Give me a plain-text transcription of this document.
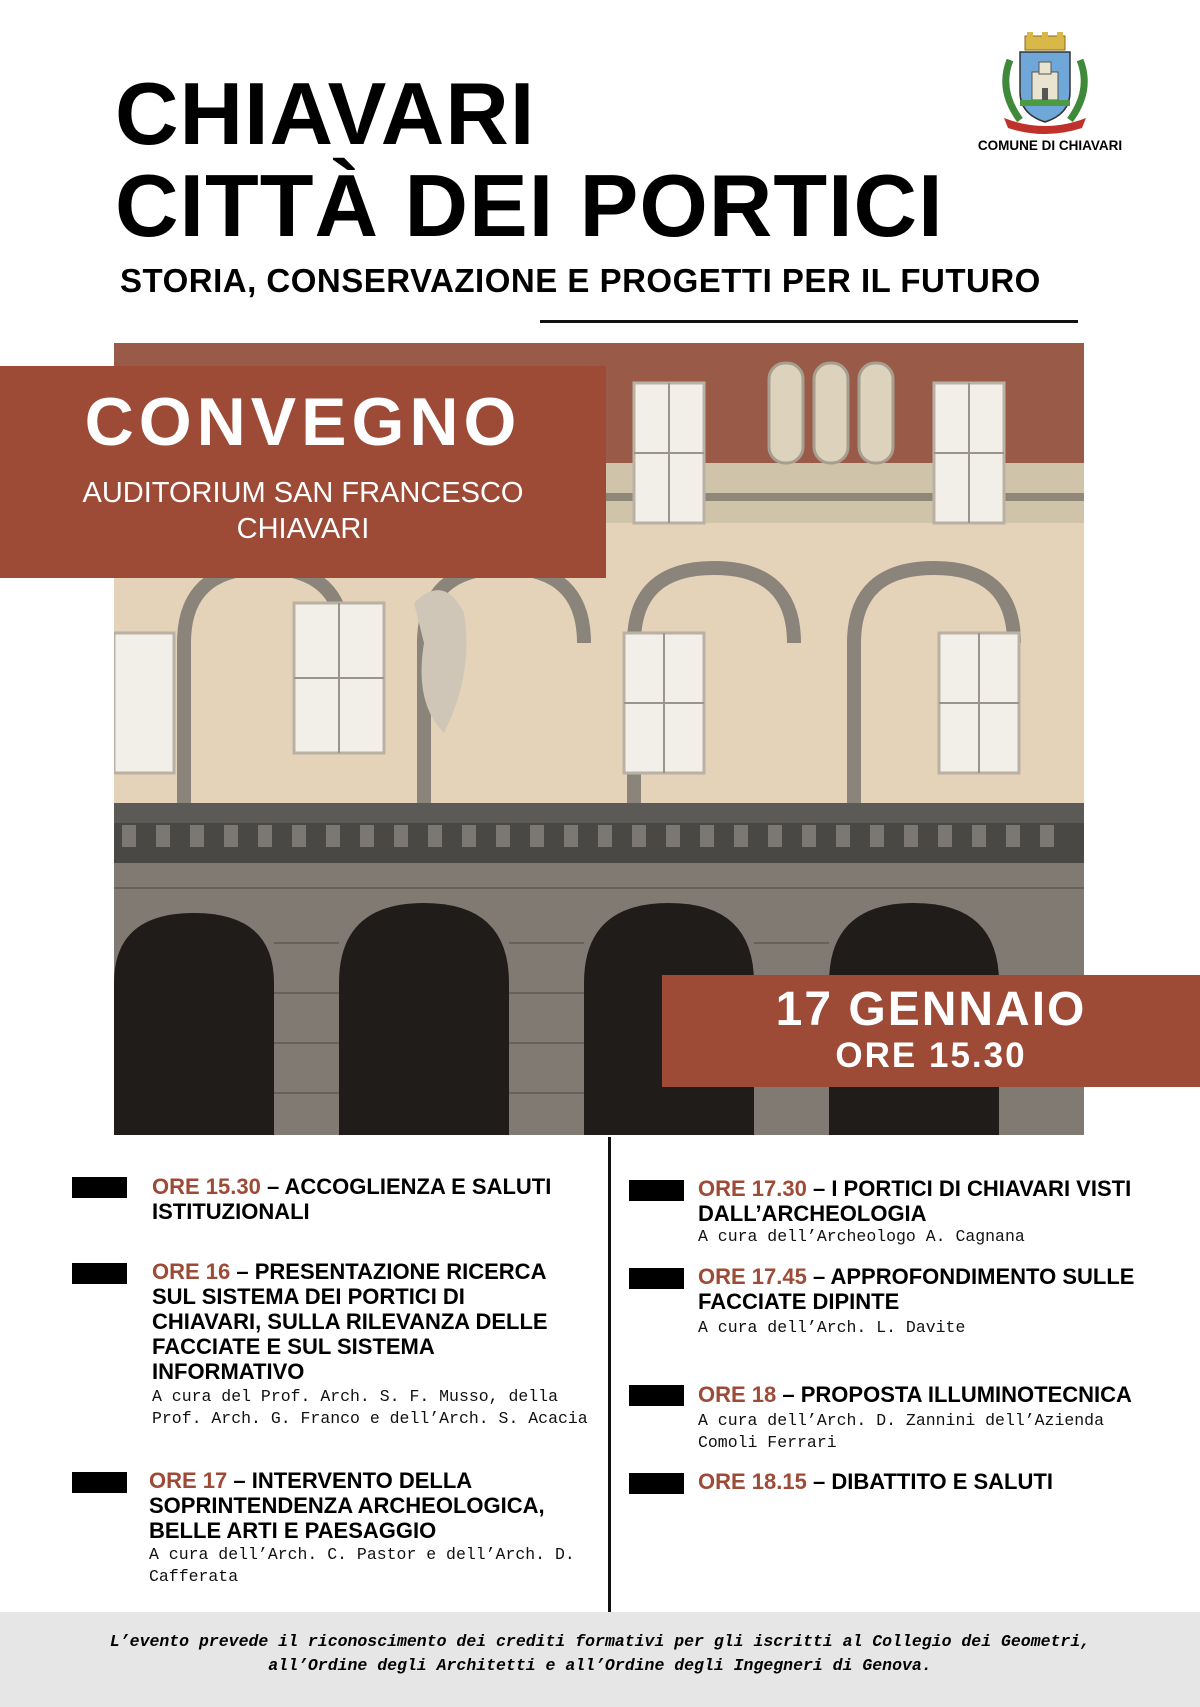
CHIAVARI
CITTÀ DEI PORTICI
STORIA, CONSERVAZIONE E PROGETTI PER IL FUTURO
COMUNE DI CHIAVARI
CONVEGNO
AUDITORIUM SAN FRANCESCO
CHIAVARI
17 GENNAIO
ORE 15.30
ORE 15.30 – ACCOGLIENZA E SALUTI
ISTITUZIONALI
ORE 16 – PRESENTAZIONE RICERCA
SUL SISTEMA DEI PORTICI DI
CHIAVARI, SULLA RILEVANZA DELLE
FACCIATE E SUL SISTEMA
INFORMATIVO
A cura del Prof. Arch. S. F. Musso, della
Prof. Arch. G. Franco e dell’Arch. S. Acacia
ORE 17 – INTERVENTO DELLA
SOPRINTENDENZA ARCHEOLOGICA,
BELLE ARTI E PAESAGGIO
A cura dell’Arch. C. Pastor e dell’Arch. D.
Cafferata
ORE 17.30 – I PORTICI DI CHIAVARI VISTI
DALL’ARCHEOLOGIA
A cura dell’Archeologo A. Cagnana
ORE 17.45 – APPROFONDIMENTO SULLE
FACCIATE DIPINTE
A cura dell’Arch. L. Davite
ORE 18 – PROPOSTA ILLUMINOTECNICA
A cura dell’Arch. D. Zannini dell’Azienda
Comoli Ferrari
ORE 18.15 – DIBATTITO E SALUTI
L’evento prevede il riconoscimento dei crediti formativi per gli iscritti al Collegio dei Geometri,
all’Ordine degli Architetti e all’Ordine degli Ingegneri di Genova.
